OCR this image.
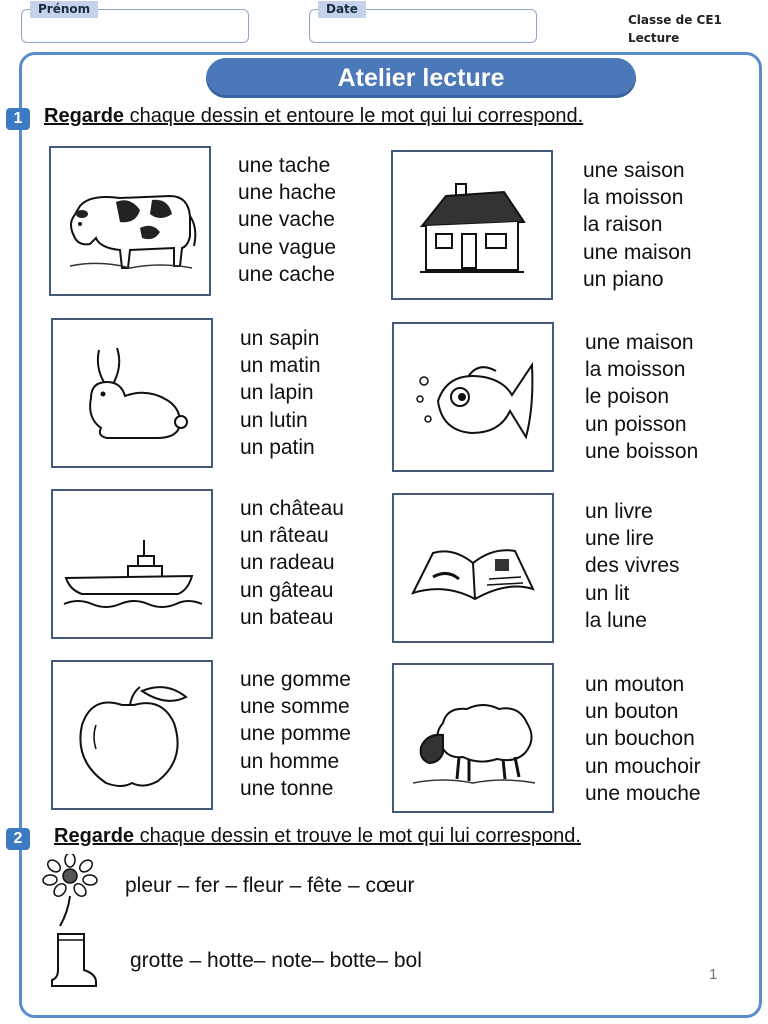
Prénom	Date
Classe de CE1
Lecture
Atelier lecture
1	Regarde chaque dessin et entoure le mot qui lui correspond.
une tache
une hache
une vache
une vague
une cache
une saison
la moisson
la raison
une maison
un piano
un sapin
un matin
un lapin
un lutin
un patin
une maison
la moisson
le poison
un poisson
une boisson
un château
un râteau
un radeau
un gâteau
un bateau
un livre
une lire
des vivres
un lit
la lune
une gomme
une somme
une pomme
un homme
une tonne
un mouton
un bouton
un bouchon
un mouchoir
une mouche
2	Regarde chaque dessin et trouve le mot qui lui correspond.
pleur – fer – fleur – fête – cœur
grotte – hotte– note– botte– bol
1
